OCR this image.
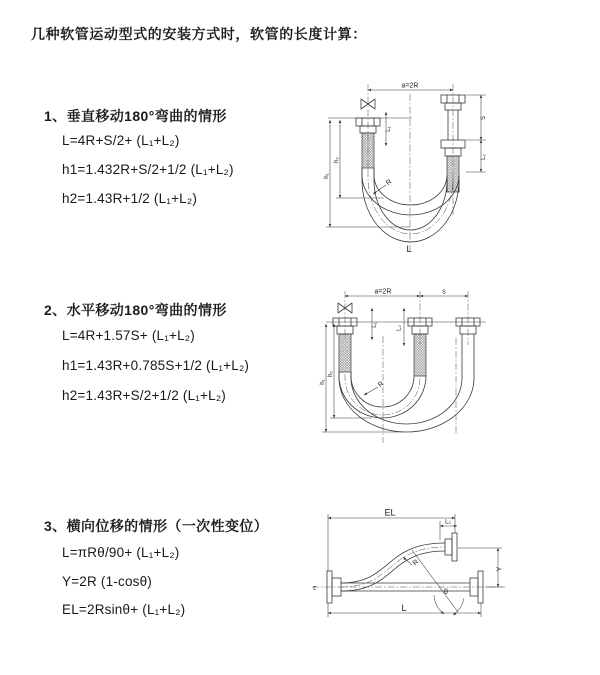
几种软管运动型式的安装方式时，软管的长度计算：
1、垂直移动180°弯曲的情形
L=4R+S/2+ (L₁+L₂)
h1=1.432R+S/2+1/2 (L₁+L₂)
h2=1.43R+1/2 (L₁+L₂)
2、水平移动180°弯曲的情形
L=4R+1.57S+ (L₁+L₂)
h1=1.43R+0.785S+1/2 (L₁+L₂)
h2=1.43R+S/2+1/2 (L₁+L₂)
3、横向位移的情形（一次性变位）
L=πRθ/90+ (L₁+L₂)
Y=2R (1-cosθ)
EL=2Rsinθ+ (L₁+L₂)
a=2R
h₁
h₂
L₁
S
L₂
R
L
a=2R	s
h₁
h₂
L₁
L₂
R
z
EL
L₂
Y
L
R
θ
